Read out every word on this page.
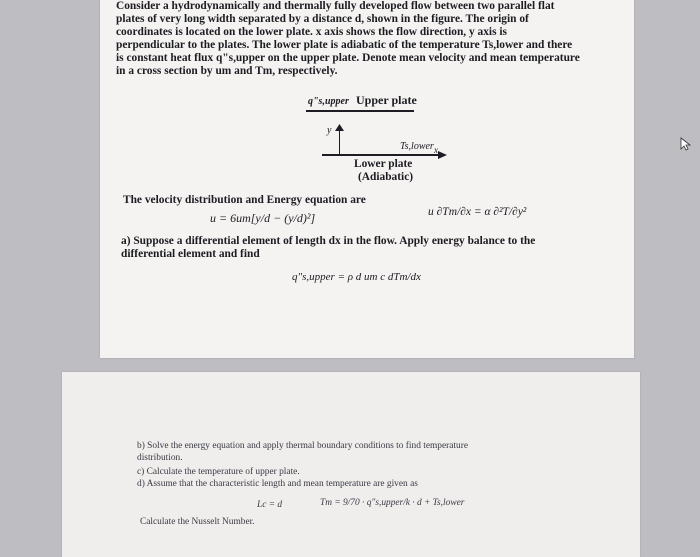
Consider a hydrodynamically and thermally fully developed flow between two parallel flat
plates of very long width separated by a distance d, shown in the figure. The origin of
coordinates is located on the lower plate. x axis shows the flow direction, y axis is
perpendicular to the plates. The lower plate is adiabatic of the temperature Ts,lower and there
is constant heat flux q"s,upper on the upper plate. Denote mean velocity and mean temperature
in a cross section by um and Tm, respectively.
q"s,upper Upper plate
y
Ts,lower x
Lower plate
(Adiabatic)
The velocity distribution and Energy equation are
u = 6um[y/d − (y/d)²]	u ∂Tm/∂x = α ∂²T/∂y²
a) Suppose a differential element of length dx in the flow. Apply energy balance to the
differential element and find
q"s,upper = ρ d um c dTm/dx
b) Solve the energy equation and apply thermal boundary conditions to find temperature
distribution.
c) Calculate the temperature of upper plate.
d) Assume that the characteristic length and mean temperature are given as
Lc = d	Tm = 9/70 · q"s,upper/k · d + Ts,lower
Calculate the Nusselt Number.
